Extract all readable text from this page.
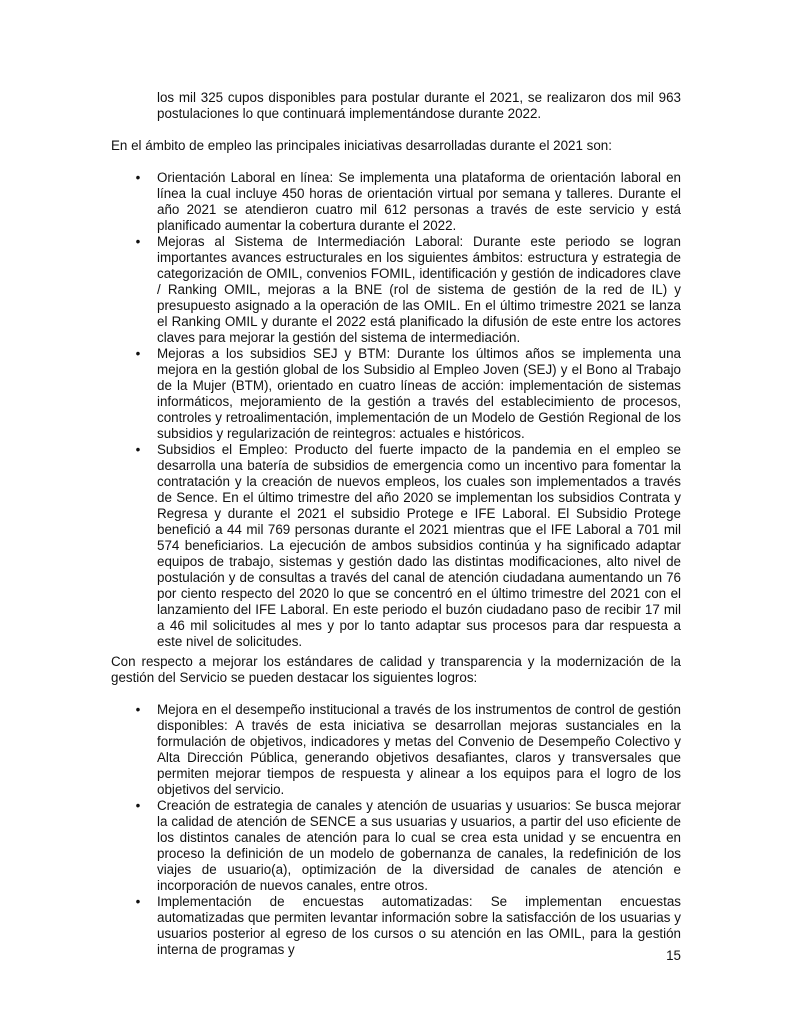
los mil 325 cupos disponibles para postular durante el 2021, se realizaron dos mil 963 postulaciones lo que continuará implementándose durante 2022.

En el ámbito de empleo las principales iniciativas desarrolladas durante el 2021 son:

• Orientación Laboral en línea: Se implementa una plataforma de orientación laboral en línea la cual incluye 450 horas de orientación virtual por semana y talleres. Durante el año 2021 se atendieron cuatro mil 612 personas a través de este servicio y está planificado aumentar la cobertura durante el 2022.
• Mejoras al Sistema de Intermediación Laboral: Durante este periodo se logran importantes avances estructurales en los siguientes ámbitos: estructura y estrategia de categorización de OMIL, convenios FOMIL, identificación y gestión de indicadores clave / Ranking OMIL, mejoras a la BNE (rol de sistema de gestión de la red de IL) y presupuesto asignado a la operación de las OMIL. En el último trimestre 2021 se lanza el Ranking OMIL y durante el 2022 está planificado la difusión de este entre los actores claves para mejorar la gestión del sistema de intermediación.
• Mejoras a los subsidios SEJ y BTM: Durante los últimos años se implementa una mejora en la gestión global de los Subsidio al Empleo Joven (SEJ) y el Bono al Trabajo de la Mujer (BTM), orientado en cuatro líneas de acción: implementación de sistemas informáticos, mejoramiento de la gestión a través del establecimiento de procesos, controles y retroalimentación, implementación de un Modelo de Gestión Regional de los subsidios y regularización de reintegros: actuales e históricos.
• Subsidios el Empleo: Producto del fuerte impacto de la pandemia en el empleo se desarrolla una batería de subsidios de emergencia como un incentivo para fomentar la contratación y la creación de nuevos empleos, los cuales son implementados a través de Sence. En el último trimestre del año 2020 se implementan los subsidios Contrata y Regresa y durante el 2021 el subsidio Protege e IFE Laboral. El Subsidio Protege benefició a 44 mil 769 personas durante el 2021 mientras que el IFE Laboral a 701 mil 574 beneficiarios. La ejecución de ambos subsidios continúa y ha significado adaptar equipos de trabajo, sistemas y gestión dado las distintas modificaciones, alto nivel de postulación y de consultas a través del canal de atención ciudadana aumentando un 76 por ciento respecto del 2020 lo que se concentró en el último trimestre del 2021 con el lanzamiento del IFE Laboral. En este periodo el buzón ciudadano paso de recibir 17 mil a 46 mil solicitudes al mes y por lo tanto adaptar sus procesos para dar respuesta a este nivel de solicitudes.

Con respecto a mejorar los estándares de calidad y transparencia y la modernización de la gestión del Servicio se pueden destacar los siguientes logros:

• Mejora en el desempeño institucional a través de los instrumentos de control de gestión disponibles: A través de esta iniciativa se desarrollan mejoras sustanciales en la formulación de objetivos, indicadores y metas del Convenio de Desempeño Colectivo y Alta Dirección Pública, generando objetivos desafiantes, claros y transversales que permiten mejorar tiempos de respuesta y alinear a los equipos para el logro de los objetivos del servicio.
• Creación de estrategia de canales y atención de usuarias y usuarios: Se busca mejorar la calidad de atención de SENCE a sus usuarias y usuarios, a partir del uso eficiente de los distintos canales de atención para lo cual se crea esta unidad y se encuentra en proceso la definición de un modelo de gobernanza de canales, la redefinición de los viajes de usuario(a), optimización de la diversidad de canales de atención e incorporación de nuevos canales, entre otros.
• Implementación de encuestas automatizadas: Se implementan encuestas automatizadas que permiten levantar información sobre la satisfacción de los usuarias y usuarios posterior al egreso de los cursos o su atención en las OMIL, para la gestión interna de programas y	15
